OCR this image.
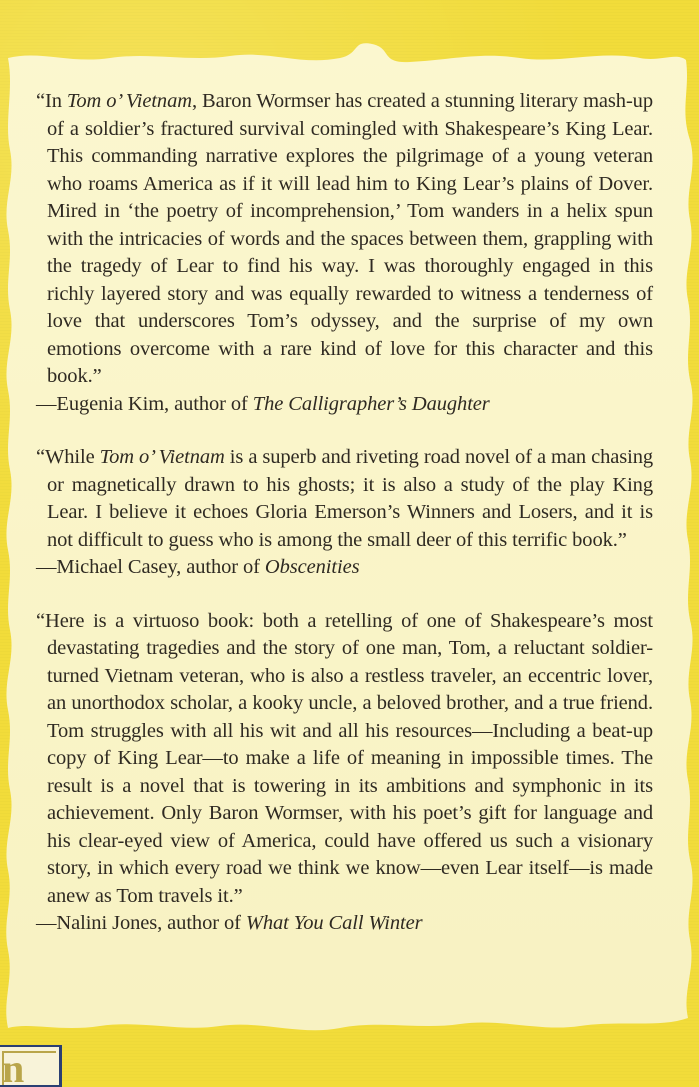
“In Tom o’ Vietnam, Baron Wormser has created a stunning literary mash-up of a soldier’s fractured survival comingled with Shakespeare’s King Lear. This commanding narrative explores the pilgrimage of a young veteran who roams America as if it will lead him to King Lear’s plains of Dover. Mired in ‘the poetry of incomprehension,’ Tom wanders in a helix spun with the intricacies of words and the spaces between them, grappling with the tragedy of Lear to find his way. I was thoroughly engaged in this richly layered story and was equally rewarded to witness a tenderness of love that underscores Tom’s odyssey, and the surprise of my own emotions overcome with a rare kind of love for this character and this book.”

—Eugenia Kim, author of The Calligrapher’s Daughter

“While Tom o’ Vietnam is a superb and riveting road novel of a man chasing or magnetically drawn to his ghosts; it is also a study of the play King Lear. I believe it echoes Gloria Emerson’s Winners and Losers, and it is not difficult to guess who is among the small deer of this terrific book.”

—Michael Casey, author of Obscenities

“Here is a virtuoso book: both a retelling of one of Shakespeare’s most devastating tragedies and the story of one man, Tom, a reluctant soldier-turned Vietnam veteran, who is also a restless traveler, an eccentric lover, an unorthodox scholar, a kooky uncle, a beloved brother, and a true friend. Tom struggles with all his wit and all his resources—Including a beat-up copy of King Lear—to make a life of meaning in impossible times. The result is a novel that is towering in its ambitions and symphonic in its achievement. Only Baron Wormser, with his poet’s gift for language and his clear-eyed view of America, could have offered us such a visionary story, in which every road we think we know—even Lear itself—is made anew as Tom travels it.”

—Nalini Jones, author of What You Call Winter

n
